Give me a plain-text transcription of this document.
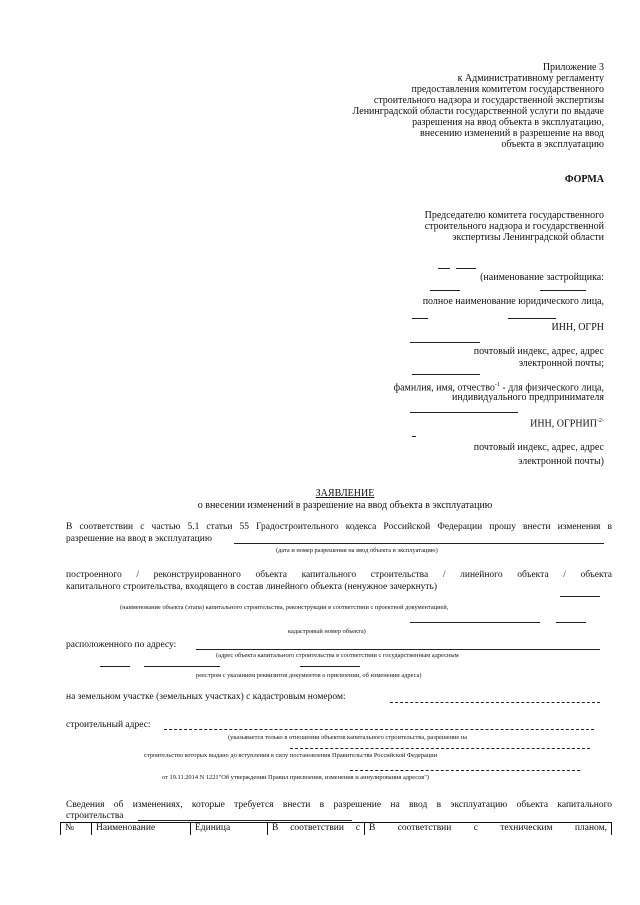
Приложение 3
к Административному регламенту
предоставления комитетом государственного
строительного надзора и государственной экспертизы
Ленинградской области государственной услуги по выдаче
разрешения на ввод объекта в эксплуатацию,
внесению изменений в разрешение на ввод
объекта в эксплуатацию
ФОРМА
Председателю комитета государственного
строительного надзора и государственной
экспертизы Ленинградской области
(наименование застройщика:
полное наименование юридического лица,
ИНН, ОГРН
почтовый индекс, адрес, адрес
электронной почты;
фамилия, имя, отчество$^{-1}$ - для физического лица,
индивидуального предпринимателя
ИНН, $ОГРНИП^{-2-}$
почтовый индекс, адрес, адрес
электронной почты)
ЗАЯВЛЕНИЕ
о внесении изменений в разрешение на ввод объекта в эксплуатацию
В соответствии с частью 5.1 статьи 55 Градостроительного кодекса Российской Федерации прошу внести изменения в
разрешение на ввод в эксплуатацию
(дата и номер разрешения на ввод объекта в эксплуатацию)
построенного / реконструированного объекта капитального строительства / линейного объекта / объекта
капитального строительства, входящего в состав линейного объекта (ненужное зачеркнуть)
(наименование объекта (этапа) капитального строительства, реконструкции в соответствии с проектной документацией,
кадастровый номер объекта)
расположенного по адресу:
(адрес объекта капитального строительства в соответствии с государственным адресным
реестром с указанием реквизитов документов о присвоении, об изменении адреса)
на земельном участке (земельных участках) с кадастровым номером:
строительный адрес:
(указывается только в отношении объектов капитального строительства, разрешение на
строительство которых выдано до вступления в силу постановления Правительства Российской Федерации
от 19.11.2014 N 1221"Об утверждении Правил присвоения, изменения и аннулирования адресов")
Сведения об изменениях, которые требуется внести в разрешение на ввод в эксплуатацию объекта капитального
строительства
№	Наименование	Единица	В соответствии с	В соответствии с техническим планом,
